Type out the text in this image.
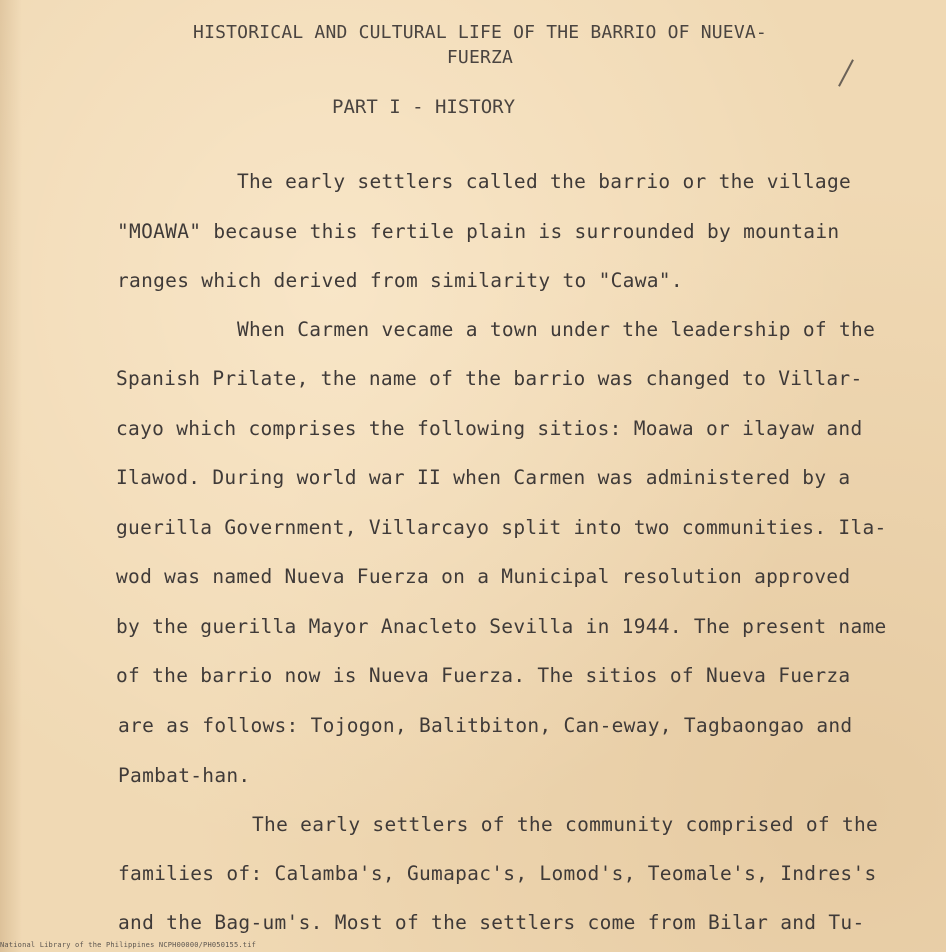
HISTORICAL AND CULTURAL LIFE OF THE BARRIO OF NUEVA-
FUERZA
PART I - HISTORY
The early settlers called the barrio or the village
"MOAWA" because this fertile plain is surrounded by mountain
ranges which derived from similarity to "Cawa".
When Carmen vecame a town under the leadership of the
Spanish Prilate, the name of the barrio was changed to Villar-
cayo which comprises the following sitios: Moawa or ilayaw and
Ilawod. During world war II when Carmen was administered by a
guerilla Government, Villarcayo split into two communities. Ila-
wod was named Nueva Fuerza on a Municipal resolution approved
by the guerilla Mayor Anacleto Sevilla in 1944. The present name
of the barrio now is Nueva Fuerza. The sitios of Nueva Fuerza
are as follows: Tojogon, Balitbiton, Can-eway, Tagbaongao and
Pambat-han.
The early settlers of the community comprised of the
families of: Calamba's, Gumapac's, Lomod's, Teomale's, Indres's
and the Bag-um's. Most of the settlers come from Bilar and Tu-
National Library of the Philippines NCPH00000/PH050155.tif
